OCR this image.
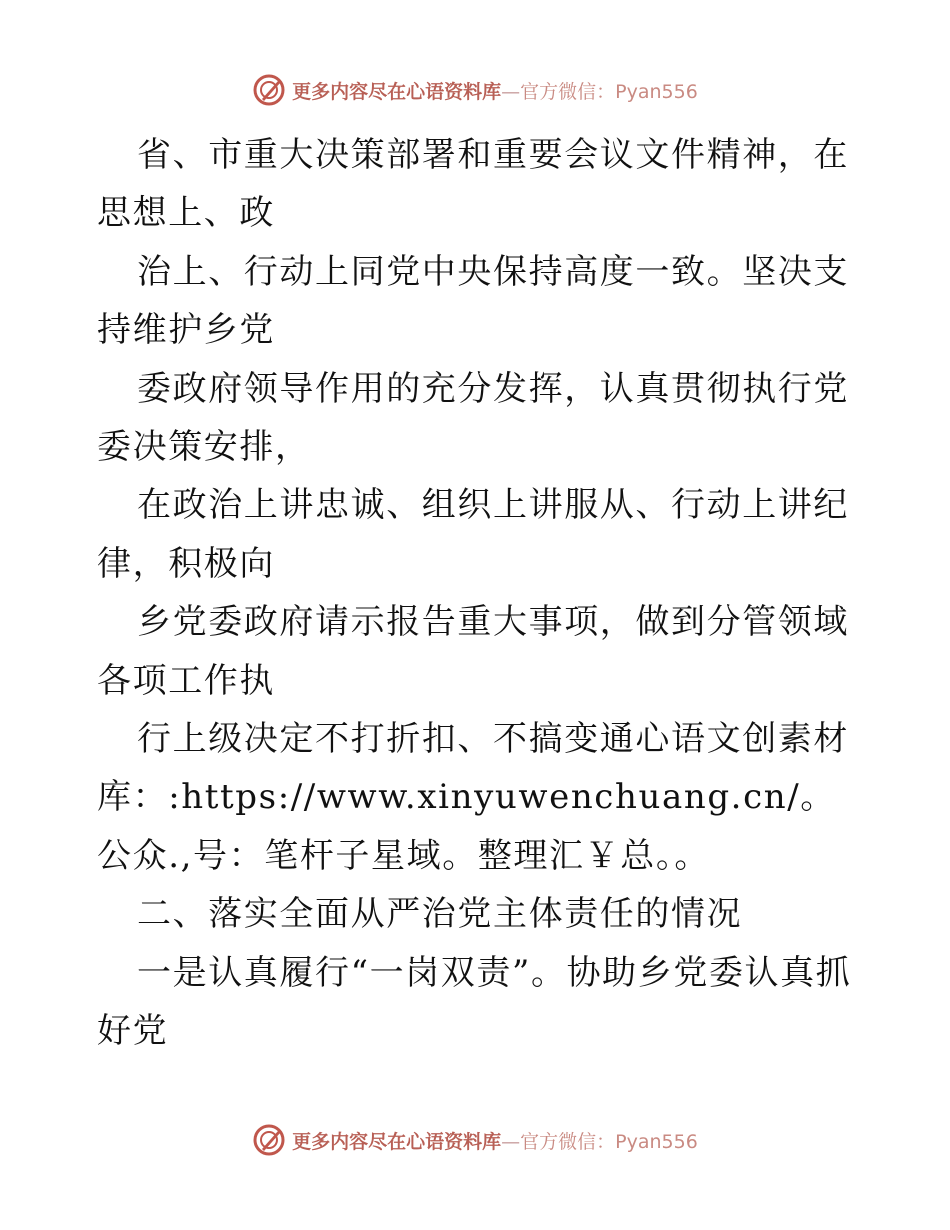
更多内容尽在心语资料库—官方微信：Pyan556

省、市重大决策部署和重要会议文件精神，在思想上、政

治上、行动上同党中央保持高度一致。坚决支持维护乡党

委政府领导作用的充分发挥，认真贯彻执行党委决策安排，

在政治上讲忠诚、组织上讲服从、行动上讲纪律，积极向

乡党委政府请示报告重大事项，做到分管领域各项工作执

行上级决定不打折扣、不搞变通心语文创素材库：:https://www.xinyuwenchuang.cn/。公众.,号：笔杆子星域。整理汇￥总。。

二、落实全面从严治党主体责任的情况

一是认真履行“一岗双责”。协助乡党委认真抓好党

更多内容尽在心语资料库—官方微信：Pyan556
